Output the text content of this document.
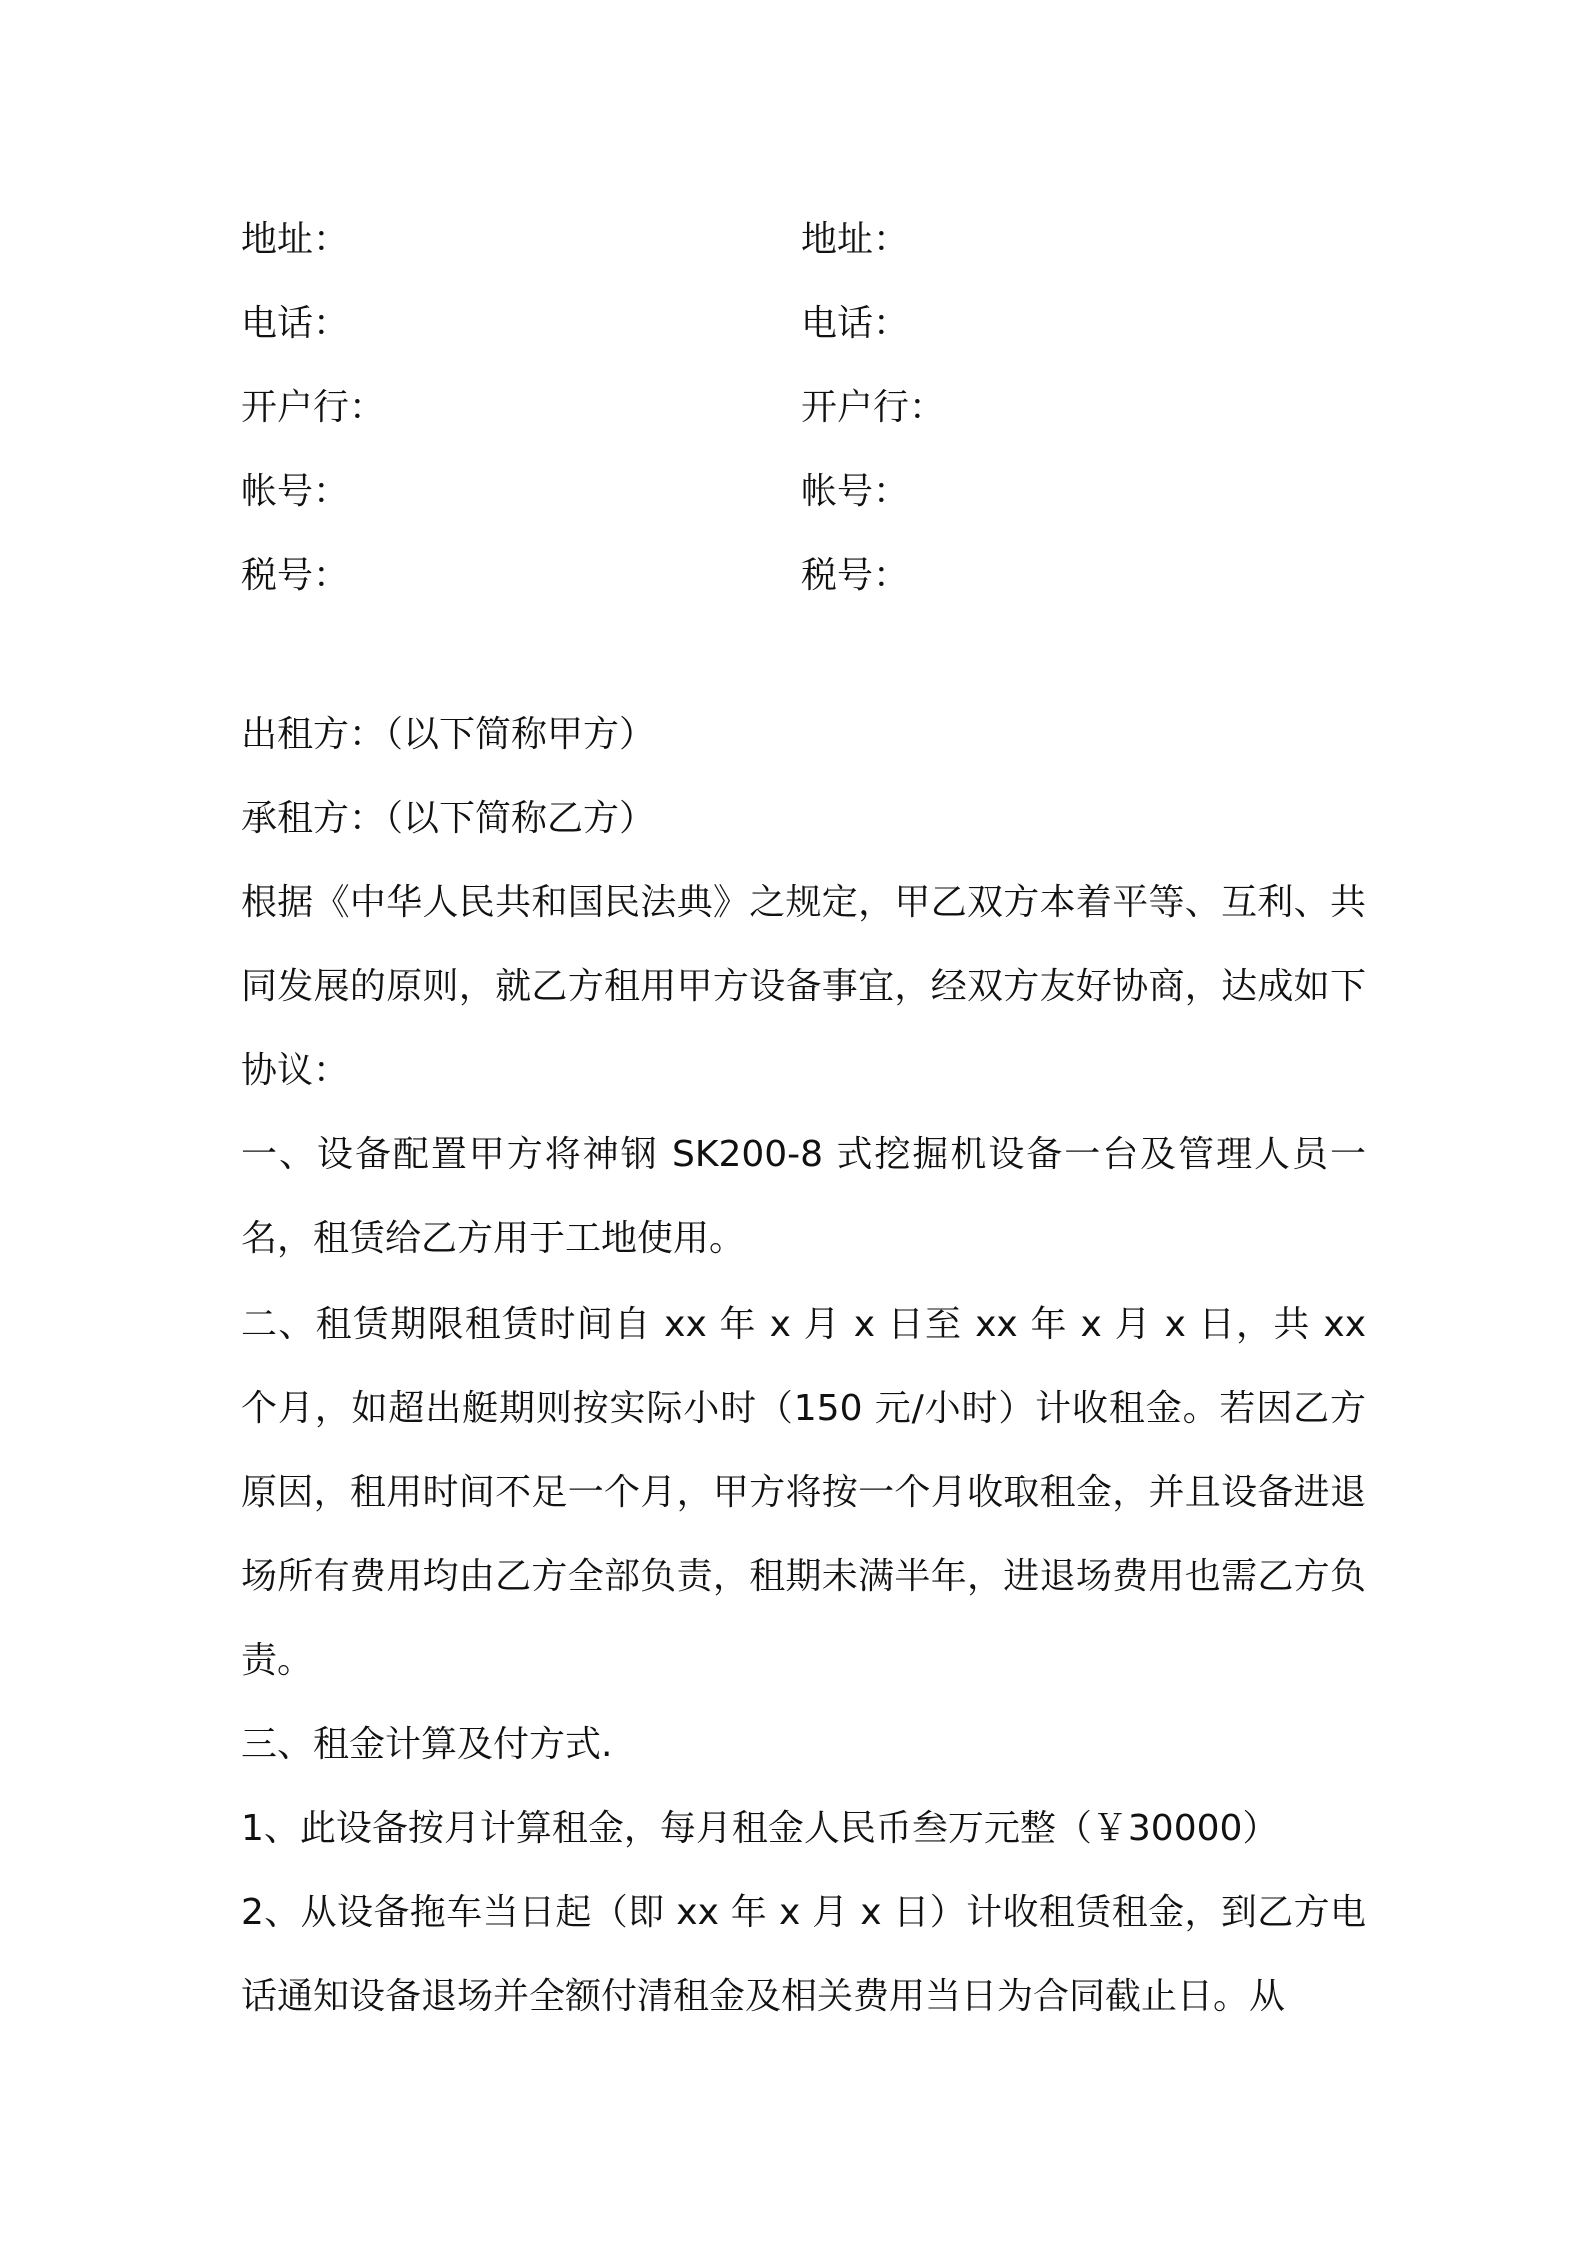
地址：	地址：
电话：	电话：
开户行：	开户行：
帐号：	帐号：
税号：	税号：

出租方：（以下简称甲方）

承租方：（以下简称乙方）

根据《中华人民共和国民法典》之规定，甲乙双方本着平等、互利、共同发展的原则，就乙方租用甲方设备事宜，经双方友好协商，达成如下协议：

一、设备配置甲方将神钢 SK200-8 式挖掘机设备一台及管理人员一名，租赁给乙方用于工地使用。

二、租赁期限租赁时间自 xx 年 x 月 x 日至 xx 年 x 月 x 日，共 xx 个月，如超出艇期则按实际小时（150 元/小时）计收租金。若因乙方原因，租用时间不足一个月，甲方将按一个月收取租金，并且设备进退场所有费用均由乙方全部负责，租期未满半年，进退场费用也需乙方负责。

三、租金计算及付方式.

1、此设备按月计算租金，每月租金人民币叁万元整（￥30000）

2、从设备拖车当日起（即 xx 年 x 月 x 日）计收租赁租金，到乙方电话通知设备退场并全额付清租金及相关费用当日为合同截止日。从
